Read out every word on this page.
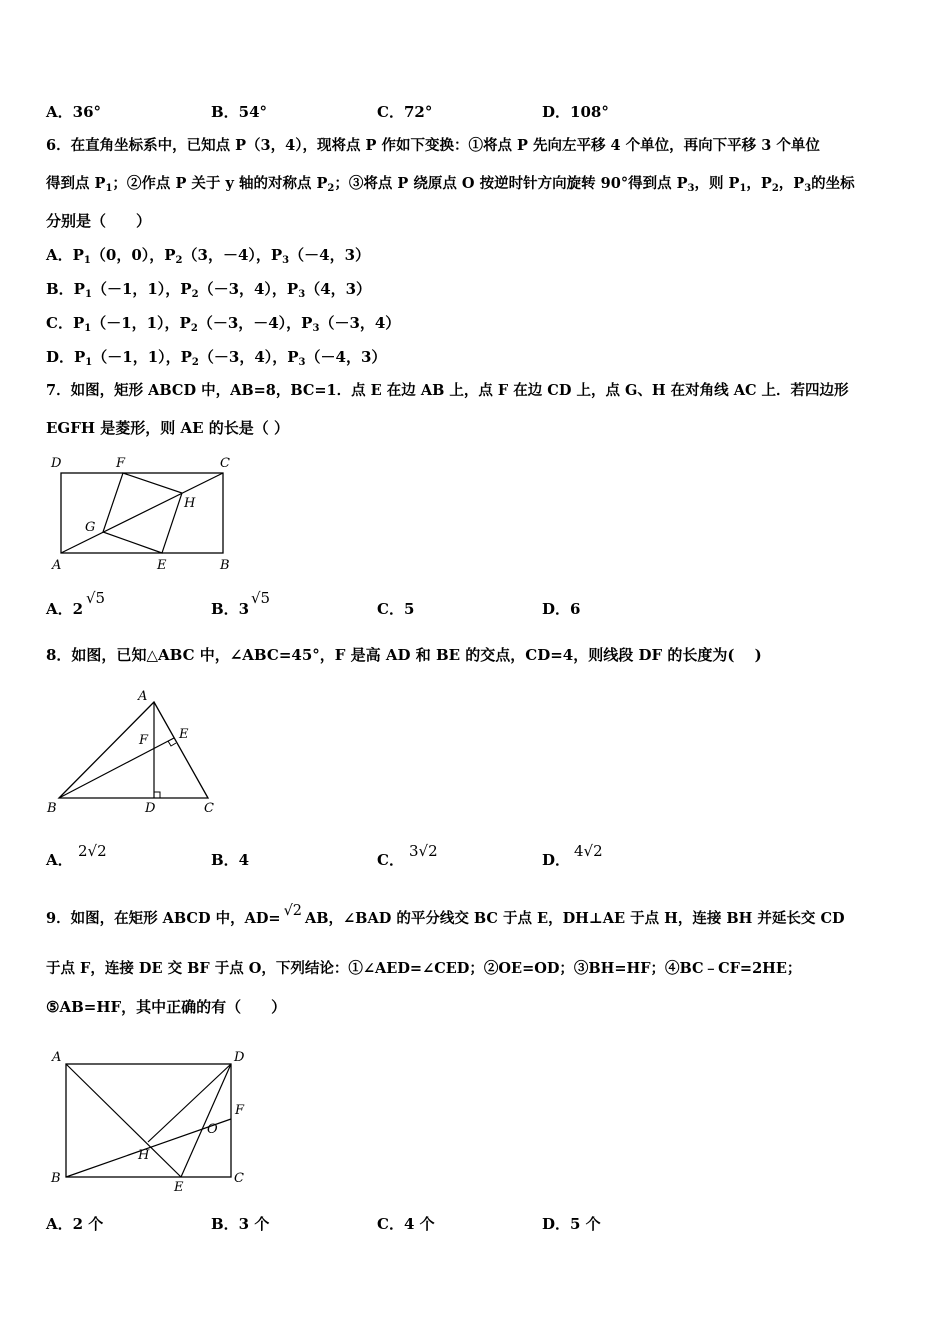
A．36°	B．54°	C．72°	D．108°
6．在直角坐标系中，已知点 P（3，4），现将点 P 作如下变换：①将点 P 先向左平移 4 个单位，再向下平移 3 个单位
得到点 $P_1$；②作点 P 关于 y 轴的对称点 $P_2$；③将点 P 绕原点 O 按逆时针方向旋转 90°得到点 $P_3$，则 $P_1$，$P_2$，$P_3$的坐标
分别是（　　）
A．$P_1(0$，0），$P_2(3$，－4），$P_3(-4$，3）
B．$P_1(-1$，1），$P_2(-3$，4），$P_3(4$，3）
C．$P_1(-1$，1），$P_2(-3$，－4），$P_3(-3$，4）
D．$P_1(-1$，1），$P_2(-3$，4），$P_3(-4$，3）
7．如图，矩形 ABCD 中，AB=8，BC=1．点 E 在边 AB 上，点 F 在边 CD 上，点 G、H 在对角线 AC 上．若四边形
EGFH 是菱形，则 AE 的长是（ ）
D	F	C
H
G
A	E	B
A．2
√5
B．3
√5
C．5	D．6
8．如图，已知△ABC 中，∠ABC=45°，F 是高 AD 和 BE 的交点，CD=4，则线段 DF 的长度为(　 )
A
E
F
B	D	C
A． 2√2	B．4	C． 3√2	D． 4√2
9．如图，在矩形 ABCD 中，AD= √2 AB，∠BAD 的平分线交 BC 于点 E，DH⊥AE 于点 H，连接 BH 并延长交 CD
于点 F，连接 DE 交 BF 于点 O，下列结论：①∠AED=∠CED；②OE=OD；③BH=HF；④BC﹣CF=2HE；
⑤AB=HF，其中正确的有（　　）
A	D
F
O
H
B
E
C
A．2 个	B．3 个	C．4 个	D．5 个
